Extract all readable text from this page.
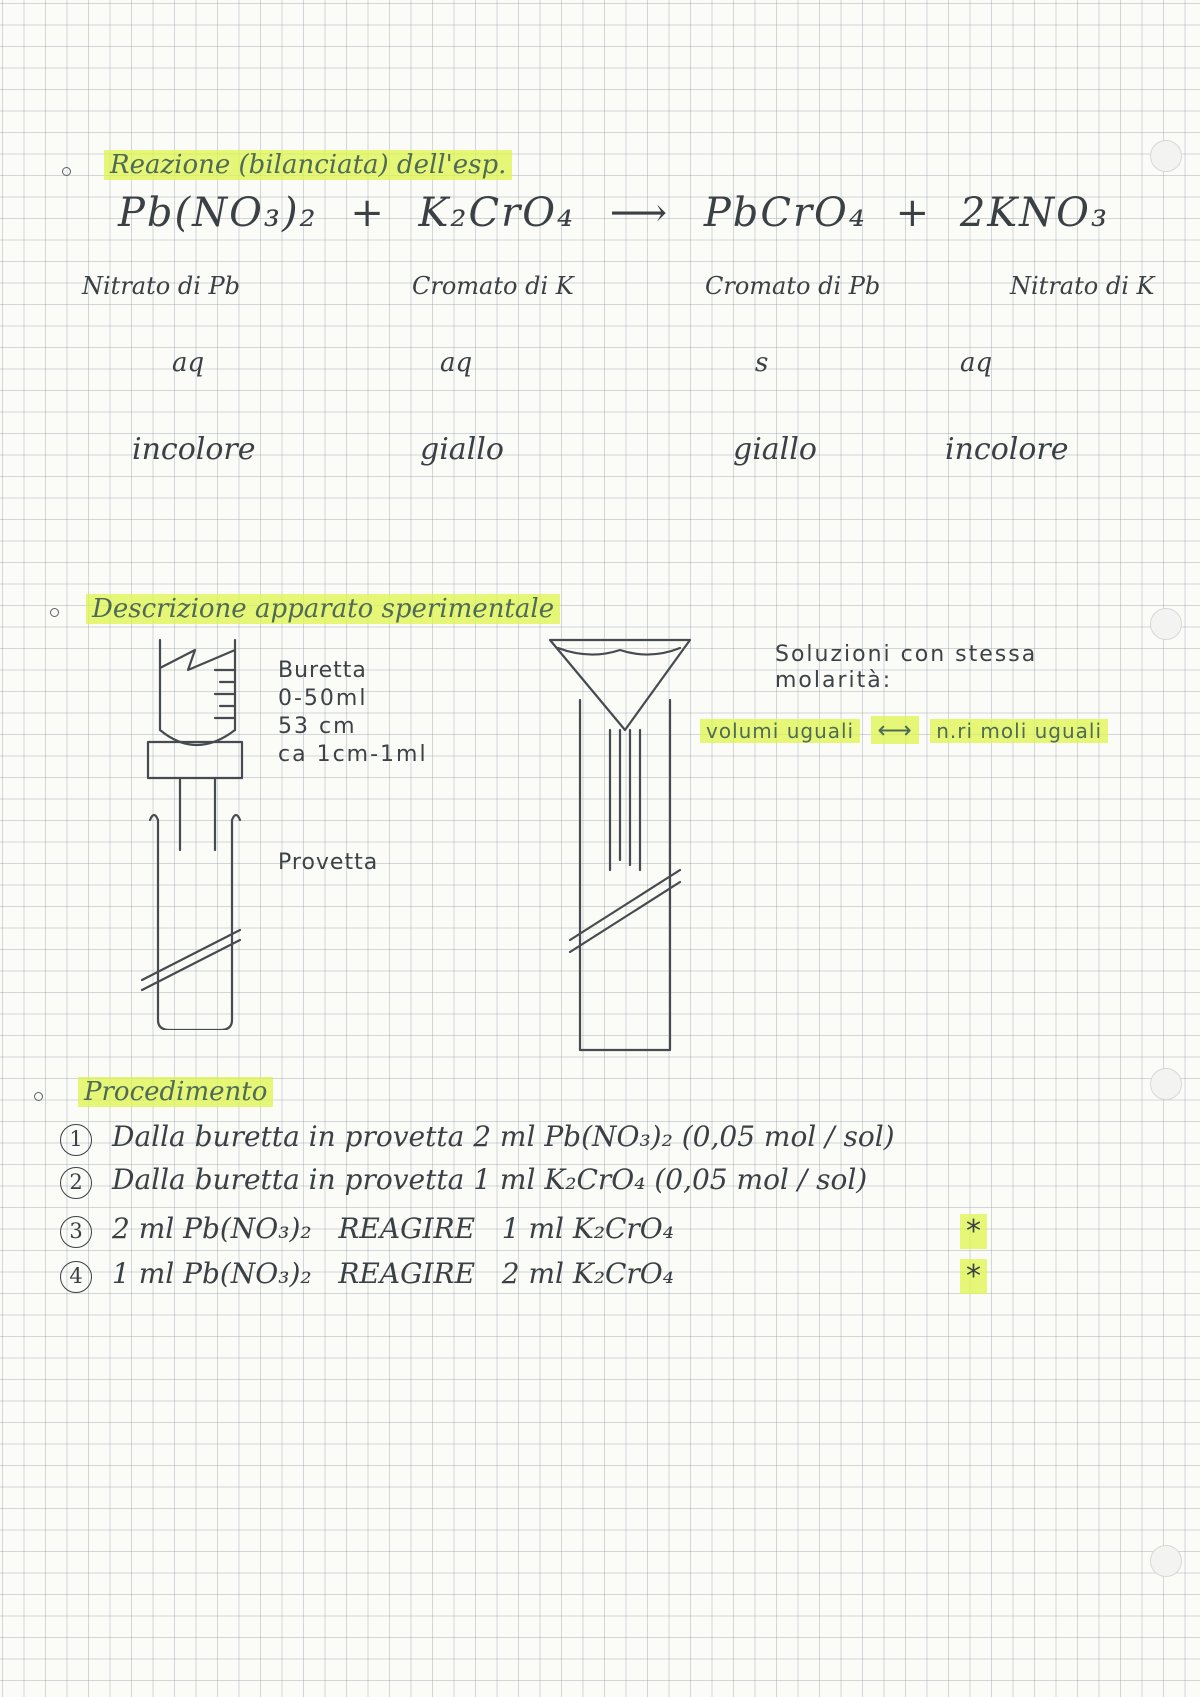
Reazione (bilanciata) dell'esp.
Pb(NO₃)₂ + K₂CrO₄ ⟶ PbCrO₄ + 2KNO₃
Nitrato di Pb	Cromato di K	Cromato di Pb	Nitrato di K
aq	aq	s	aq
incolore	giallo	giallo	incolore
Descrizione apparato sperimentale
Buretta
0-50ml
53 cm
ca 1cm-1ml
Provetta
Soluzioni con stessa
molarità:
volumi uguali ⟷ n.ri moli uguali
Procedimento
1 Dalla buretta in provetta 2 ml Pb(NO₃)₂ (0,05 mol / sol)
2 Dalla buretta in provetta 1 ml K₂CrO₄ (0,05 mol / sol)
3 2 ml Pb(NO₃)₂   REAGIRE   1 ml K₂CrO₄
4 1 ml Pb(NO₃)₂   REAGIRE   2 ml K₂CrO₄
*
*
